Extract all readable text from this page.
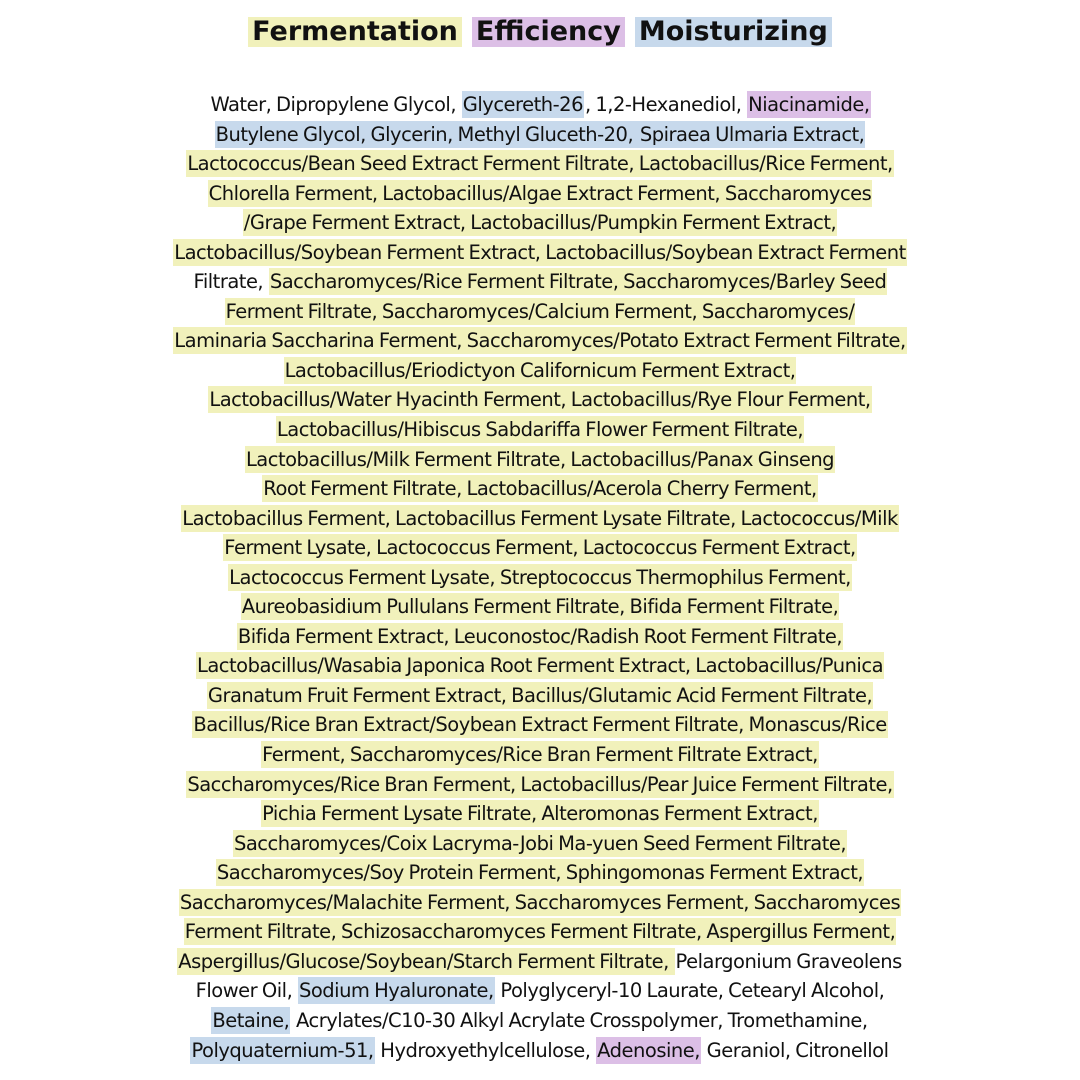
Fermentation Efficiency Moisturizing
Water, Dipropylene Glycol, Glycereth-26 , 1,2-Hexanediol, Niacinamide,
Butylene Glycol, Glycerin, Methyl Gluceth-20, Spiraea Ulmaria Extract,
Lactococcus/Bean Seed Extract Ferment Filtrate, Lactobacillus/Rice Ferment,
Chlorella Ferment, Lactobacillus/Algae Extract Ferment, Saccharomyces
/Grape Ferment Extract, Lactobacillus/Pumpkin Ferment Extract,
Lactobacillus/Soybean Ferment Extract, Lactobacillus/Soybean Extract Ferment
Filtrate, Saccharomyces/Rice Ferment Filtrate, Saccharomyces/Barley Seed
Ferment Filtrate, Saccharomyces/Calcium Ferment, Saccharomyces/
Laminaria Saccharina Ferment, Saccharomyces/Potato Extract Ferment Filtrate,
Lactobacillus/Eriodictyon Californicum Ferment Extract,
Lactobacillus/Water Hyacinth Ferment, Lactobacillus/Rye Flour Ferment,
Lactobacillus/Hibiscus Sabdariffa Flower Ferment Filtrate,
Lactobacillus/Milk Ferment Filtrate, Lactobacillus/Panax Ginseng
Root Ferment Filtrate, Lactobacillus/Acerola Cherry Ferment,
Lactobacillus Ferment, Lactobacillus Ferment Lysate Filtrate, Lactococcus/Milk
Ferment Lysate, Lactococcus Ferment, Lactococcus Ferment Extract,
Lactococcus Ferment Lysate, Streptococcus Thermophilus Ferment,
Aureobasidium Pullulans Ferment Filtrate, Bifida Ferment Filtrate,
Bifida Ferment Extract, Leuconostoc/Radish Root Ferment Filtrate,
Lactobacillus/Wasabia Japonica Root Ferment Extract, Lactobacillus/Punica
Granatum Fruit Ferment Extract, Bacillus/Glutamic Acid Ferment Filtrate,
Bacillus/Rice Bran Extract/Soybean Extract Ferment Filtrate, Monascus/Rice
Ferment, Saccharomyces/Rice Bran Ferment Filtrate Extract,
Saccharomyces/Rice Bran Ferment, Lactobacillus/Pear Juice Ferment Filtrate,
Pichia Ferment Lysate Filtrate, Alteromonas Ferment Extract,
Saccharomyces/Coix Lacryma-Jobi Ma-yuen Seed Ferment Filtrate,
Saccharomyces/Soy Protein Ferment, Sphingomonas Ferment Extract,
Saccharomyces/Malachite Ferment, Saccharomyces Ferment, Saccharomyces
Ferment Filtrate, Schizosaccharomyces Ferment Filtrate, Aspergillus Ferment,
Aspergillus/Glucose/Soybean/Starch Ferment Filtrate, Pelargonium Graveolens
Flower Oil, Sodium Hyaluronate, Polyglyceryl-10 Laurate, Cetearyl Alcohol,
Betaine, Acrylates/C10-30 Alkyl Acrylate Crosspolymer, Tromethamine,
Polyquaternium-51, Hydroxyethylcellulose, Adenosine, Geraniol, Citronellol
